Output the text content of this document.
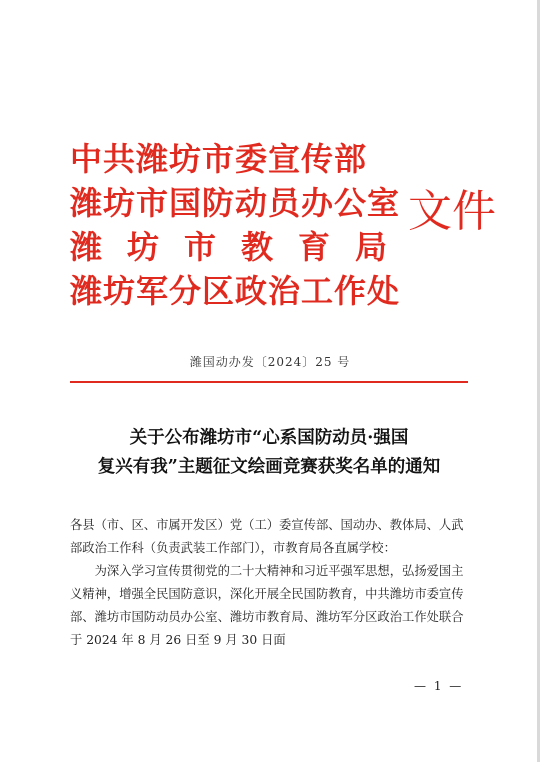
中共潍坊市委宣传部
潍坊市国防动员办公室
潍坊市教育局
潍坊军分区政治工作处
文件
潍国动办发〔2024〕25 号
关于公布潍坊市“心系国防动员·强国
复兴有我”主题征文绘画竞赛获奖名单的通知

各县（市、区、市属开发区）党（工）委宣传部、国动办、教体局、人武部政治工作科（负责武装工作部门），市教育局各直属学校：

为深入学习宣传贯彻党的二十大精神和习近平强军思想，弘扬爱国主义精神，增强全民国防意识，深化开展全民国防教育，中共潍坊市委宣传部、潍坊市国防动员办公室、潍坊市教育局、潍坊军分区政治工作处联合于 2024 年 8 月 26 日至 9 月 30 日面

— 1 —
